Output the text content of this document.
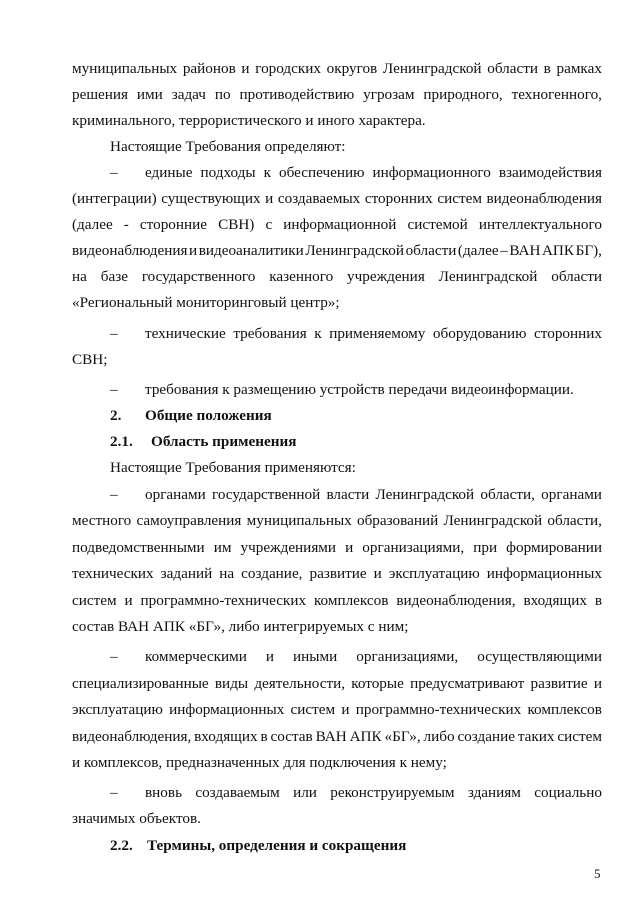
5
муниципальных районов и городских округов Ленинградской области в рамках
решения ими задач по противодействию угрозам природного, техногенного,
криминального, террористического и иного характера.
Настоящие Требования определяют:
– единые подходы к обеспечению информационного взаимодействия
(интеграции) существующих и создаваемых сторонних систем видеонаблюдения
(далее - сторонние СВН) с информационной системой интеллектуального
видеонаблюдения и видеоаналитики Ленинградской области (далее – ВАН АПК БГ),
на базе государственного казенного учреждения Ленинградской области
«Региональный мониторинговый центр»;
– технические требования к применяемому оборудованию сторонних
СВН;
– требования к размещению устройств передачи видеоинформации.
2. Общие положения
2.1. Область применения
Настоящие Требования применяются:
– органами государственной власти Ленинградской области, органами
местного самоуправления муниципальных образований Ленинградской области,
подведомственными им учреждениями и организациями, при формировании
технических заданий на создание, развитие и эксплуатацию информационных
систем и программно-технических комплексов видеонаблюдения, входящих в
состав ВАН АПК «БГ», либо интегрируемых с ним;
– коммерческими и иными организациями, осуществляющими
специализированные виды деятельности, которые предусматривают развитие и
эксплуатацию информационных систем и программно-технических комплексов
видеонаблюдения, входящих в состав ВАН АПК «БГ», либо создание таких систем
и комплексов, предназначенных для подключения к нему;
– вновь создаваемым или реконструируемым зданиям социально
значимых объектов.
2.2. Термины, определения и сокращения
